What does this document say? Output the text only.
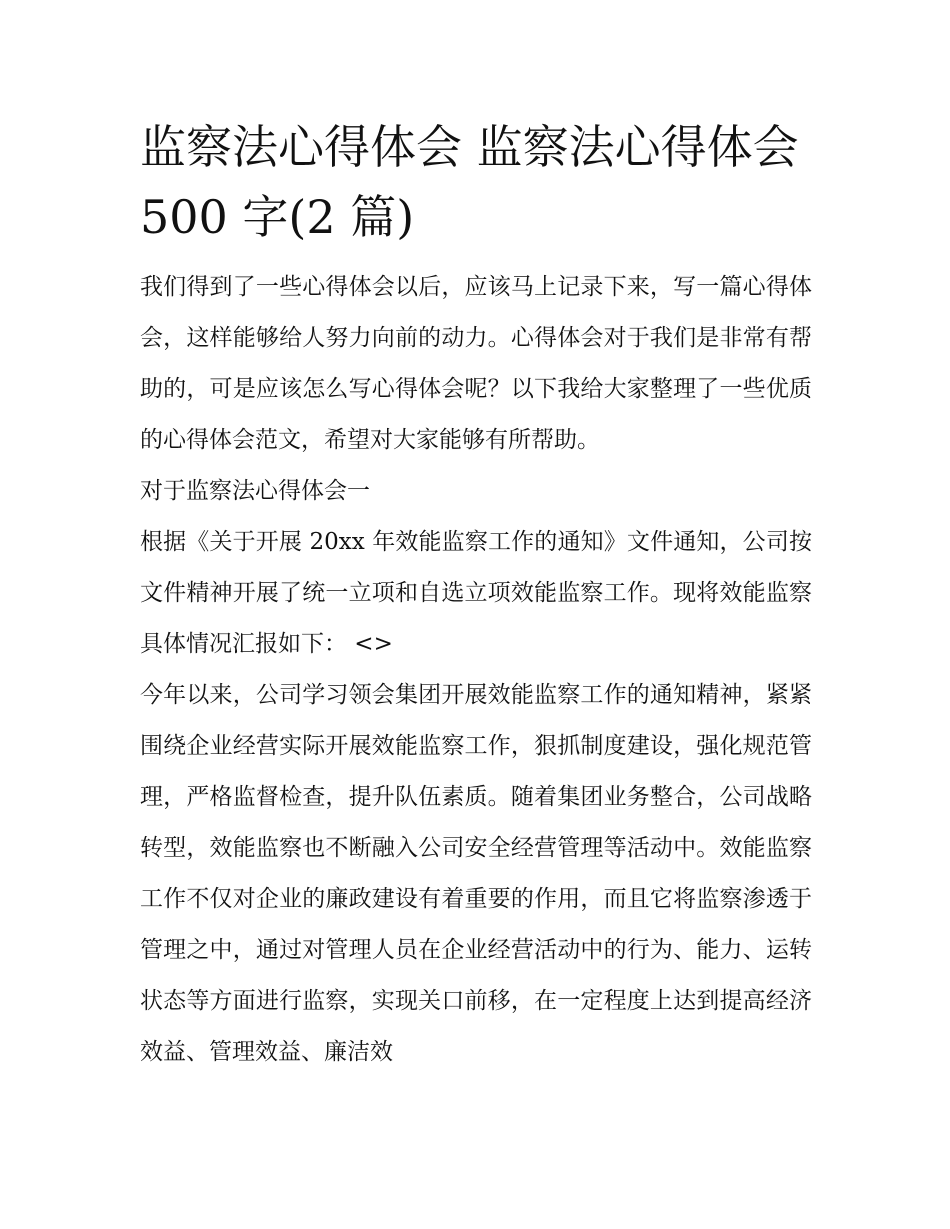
监察法心得体会 监察法心得体会 500 字(2 篇)

我们得到了一些心得体会以后，应该马上记录下来，写一篇心得体会，这样能够给人努力向前的动力。心得体会对于我们是非常有帮助的，可是应该怎么写心得体会呢？以下我给大家整理了一些优质的心得体会范文，希望对大家能够有所帮助。

对于监察法心得体会一

根据《关于开展 20xx 年效能监察工作的通知》文件通知，公司按文件精神开展了统一立项和自选立项效能监察工作。现将效能监察具体情况汇报如下： <>

今年以来，公司学习领会集团开展效能监察工作的通知精神，紧紧围绕企业经营实际开展效能监察工作，狠抓制度建设，强化规范管理，严格监督检查，提升队伍素质。随着集团业务整合，公司战略转型，效能监察也不断融入公司安全经营管理等活动中。效能监察工作不仅对企业的廉政建设有着重要的作用，而且它将监察渗透于管理之中，通过对管理人员在企业经营活动中的行为、能力、运转状态等方面进行监察，实现关口前移，在一定程度上达到提高经济效益、管理效益、廉洁效
